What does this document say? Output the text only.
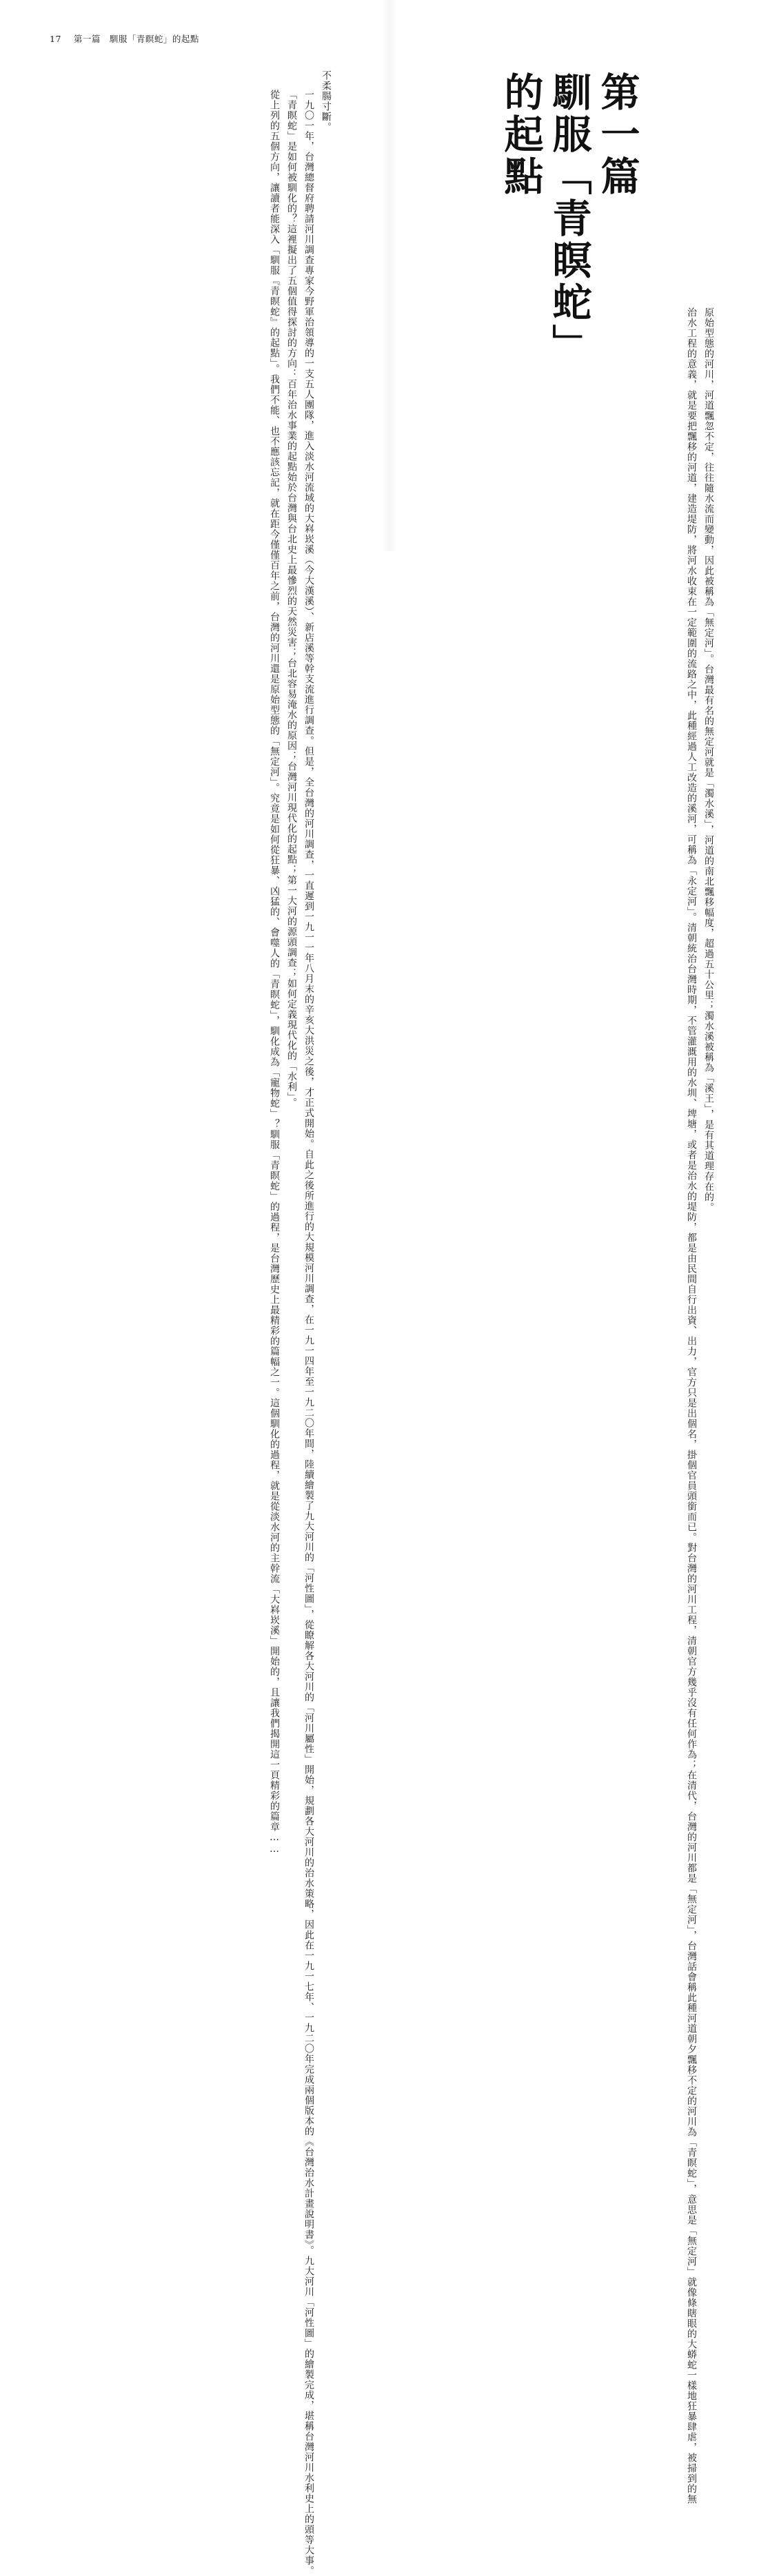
17 第一篇　馴服「青瞑蛇」的起點

不柔腸寸斷。

一九〇一年，台灣總督府聘請河川調查專家今野軍治領導的一支五人團隊，進入淡水河流域的大嵙崁溪（今大漢溪）、新店溪等幹支流進行調查。但是，全台灣的河川調查，一直遲到一九一一年八月末的辛亥大洪災之後，才正式開始。自此之後所進行的大規模河川調查，在一九一四年至一九二〇年間，陸續繪製了九大河川的「河性圖」，從瞭解各大河川的「河川屬性」開始，規劃各大河川的治水策略，因此在一九一七年、一九二〇年完成兩個版本的《台灣治水計畫說明書》。九大河川「河性圖」的繪製完成，堪稱台灣河川水利史上的頭等大事。

「青瞑蛇」是如何被馴化的？這裡擬出了五個值得探討的方向：百年治水事業的起點始於台灣與台北史上最慘烈的天然災害；台北容易淹水的原因；台灣河川現代化的起點；第一大河的源頭調查；如何定義現代化的「水利」。

從上列的五個方向，讓讀者能深入「馴服『青瞑蛇』的起點」。我們不能、也不應該忘記，就在距今僅僅百年之前，台灣的河川還是原始型態的「無定河」。究竟是如何從狂暴、凶猛的、會噬人的「青瞑蛇」，馴化成為「寵物蛇」？馴服「青瞑蛇」的過程，是台灣歷史上最精彩的篇幅之一。這個馴化的過程，就是從淡水河的主幹流「大嵙崁溪」開始的，且讓我們揭開這一頁精彩的篇章……	第一篇
馴服「青瞑蛇」
的起點

原始型態的河川，河道飄忽不定，往往隨水流而變動，因此被稱為「無定河」。台灣最有名的無定河就是「濁水溪」，河道的南北飄移幅度，超過五十公里；濁水溪被稱為「溪王」，是有其道理存在的。

治水工程的意義，就是要把飄移的河道，建造堤防，將河水收束在一定範圍的流路之中，此種經過人工改造的溪河，可稱為「永定河」。清朝統治台灣時期，不管灌溉用的水圳、埤塘，或者是治水的堤防，都是由民間自行出資、出力，官方只是出個名，掛個官員頭銜而已。對台灣的河川工程，清朝官方幾乎沒有任何作為；在清代，台灣的河川都是「無定河」，台灣話會稱此種河道朝夕飄移不定的河川為「青瞑蛇」，意思是「無定河」就像條瞎眼的大蟒蛇一樣地狂暴肆虐，被掃到的無
